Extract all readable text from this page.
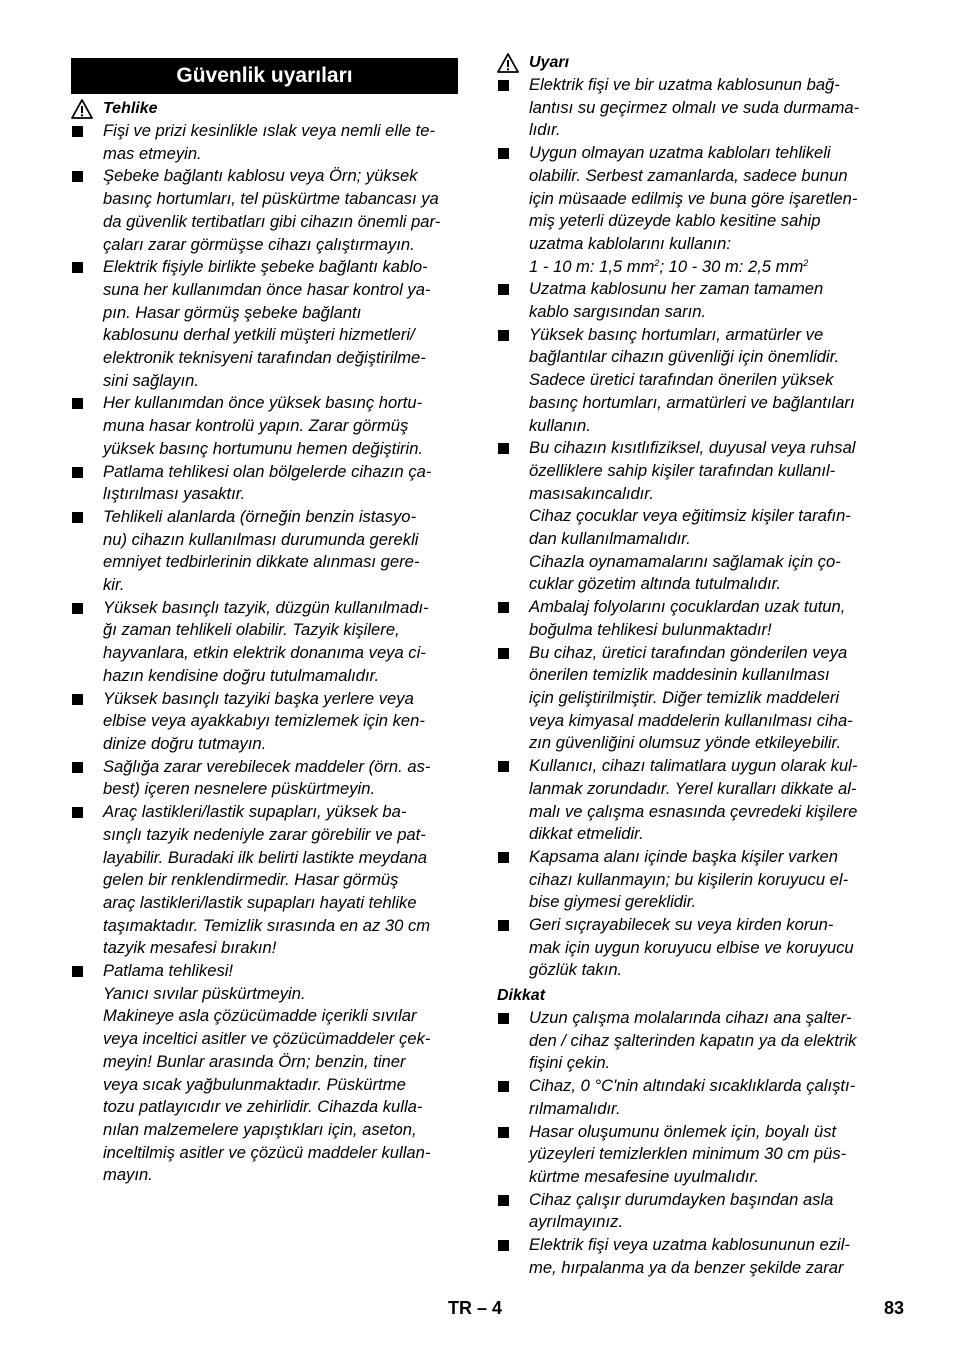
Güvenlik uyarıları
Tehlike
Fişi ve prizi kesinlikle ıslak veya nemli elle te-
mas etmeyin.
Şebeke bağlantı kablosu veya Örn; yüksek
basınç hortumları, tel püskürtme tabancası ya
da güvenlik tertibatları gibi cihazın önemli par-
çaları zarar görmüşse cihazı çalıştırmayın.
Elektrik fişiyle birlikte şebeke bağlantı kablo-
suna her kullanımdan önce hasar kontrol ya-
pın. Hasar görmüş şebeke bağlantı
kablosunu derhal yetkili müşteri hizmetleri/
elektronik teknisyeni tarafından değiştirilme-
sini sağlayın.
Her kullanımdan önce yüksek basınç hortu-
muna hasar kontrolü yapın. Zarar görmüş
yüksek basınç hortumunu hemen değiştirin.
Patlama tehlikesi olan bölgelerde cihazın ça-
lıştırılması yasaktır.
Tehlikeli alanlarda (örneğin benzin istasyo-
nu) cihazın kullanılması durumunda gerekli
emniyet tedbirlerinin dikkate alınması gere-
kir.
Yüksek basınçlı tazyik, düzgün kullanılmadı-
ğı zaman tehlikeli olabilir. Tazyik kişilere,
hayvanlara, etkin elektrik donanıma veya ci-
hazın kendisine doğru tutulmamalıdır.
Yüksek basınçlı tazyiki başka yerlere veya
elbise veya ayakkabıyı temizlemek için ken-
dinize doğru tutmayın.
Sağlığa zarar verebilecek maddeler (örn. as-
best) içeren nesnelere püskürtmeyin.
Araç lastikleri/lastik supapları, yüksek ba-
sınçlı tazyik nedeniyle zarar görebilir ve pat-
layabilir. Buradaki ilk belirti lastikte meydana
gelen bir renklendirmedir. Hasar görmüş
araç lastikleri/lastik supapları hayati tehlike
taşımaktadır. Temizlik sırasında en az 30 cm
tazyik mesafesi bırakın!
Patlama tehlikesi!
Yanıcı sıvılar püskürtmeyin.
Makineye asla çözücümadde içerikli sıvılar
veya inceltici asitler ve çözücümaddeler çek-
meyin! Bunlar arasında Örn; benzin, tiner
veya sıcak yağbulunmaktadır. Püskürtme
tozu patlayıcıdır ve zehirlidir. Cihazda kulla-
nılan malzemelere yapıştıkları için, aseton,
inceltilmiş asitler ve çözücü maddeler kullan-
mayın.
Uyarı
Elektrik fişi ve bir uzatma kablosunun bağ-
lantısı su geçirmez olmalı ve suda durmama-
lıdır.
Uygun olmayan uzatma kabloları tehlikeli
olabilir. Serbest zamanlarda, sadece bunun
için müsaade edilmiş ve buna göre işaretlen-
miş yeterli düzeyde kablo kesitine sahip
uzatma kablolarını kullanın:
1 - 10 m: 1,5 $mm^2$; 10 - 30 m: 2,5 $mm^2$
Uzatma kablosunu her zaman tamamen
kablo sargısından sarın.
Yüksek basınç hortumları, armatürler ve
bağlantılar cihazın güvenliği için önemlidir.
Sadece üretici tarafından önerilen yüksek
basınç hortumları, armatürleri ve bağlantıları
kullanın.
Bu cihazın kısıtlıfiziksel, duyusal veya ruhsal
özelliklere sahip kişiler tarafından kullanıl-
masısakıncalıdır.
Cihaz çocuklar veya eğitimsiz kişiler tarafın-
dan kullanılmamalıdır.
Cihazla oynamamalarını sağlamak için ço-
cuklar gözetim altında tutulmalıdır.
Ambalaj folyolarını çocuklardan uzak tutun,
boğulma tehlikesi bulunmaktadır!
Bu cihaz, üretici tarafından gönderilen veya
önerilen temizlik maddesinin kullanılması
için geliştirilmiştir. Diğer temizlik maddeleri
veya kimyasal maddelerin kullanılması ciha-
zın güvenliğini olumsuz yönde etkileyebilir.
Kullanıcı, cihazı talimatlara uygun olarak kul-
lanmak zorundadır. Yerel kuralları dikkate al-
malı ve çalışma esnasında çevredeki kişilere
dikkat etmelidir.
Kapsama alanı içinde başka kişiler varken
cihazı kullanmayın; bu kişilerin koruyucu el-
bise giymesi gereklidir.
Geri sıçrayabilecek su veya kirden korun-
mak için uygun koruyucu elbise ve koruyucu
gözlük takın.
Dikkat
Uzun çalışma molalarında cihazı ana şalter-
den / cihaz şalterinden kapatın ya da elektrik
fişini çekin.
Cihaz, 0 °C'nin altındaki sıcaklıklarda çalıştı-
rılmamalıdır.
Hasar oluşumunu önlemek için, boyalı üst
yüzeyleri temizlerklen minimum 30 cm püs-
kürtme mesafesine uyulmalıdır.
Cihaz çalışır durumdayken başından asla
ayrılmayınız.
Elektrik fişi veya uzatma kablosununun ezil-
me, hırpalanma ya da benzer şekilde zarar
TR – 4	83
